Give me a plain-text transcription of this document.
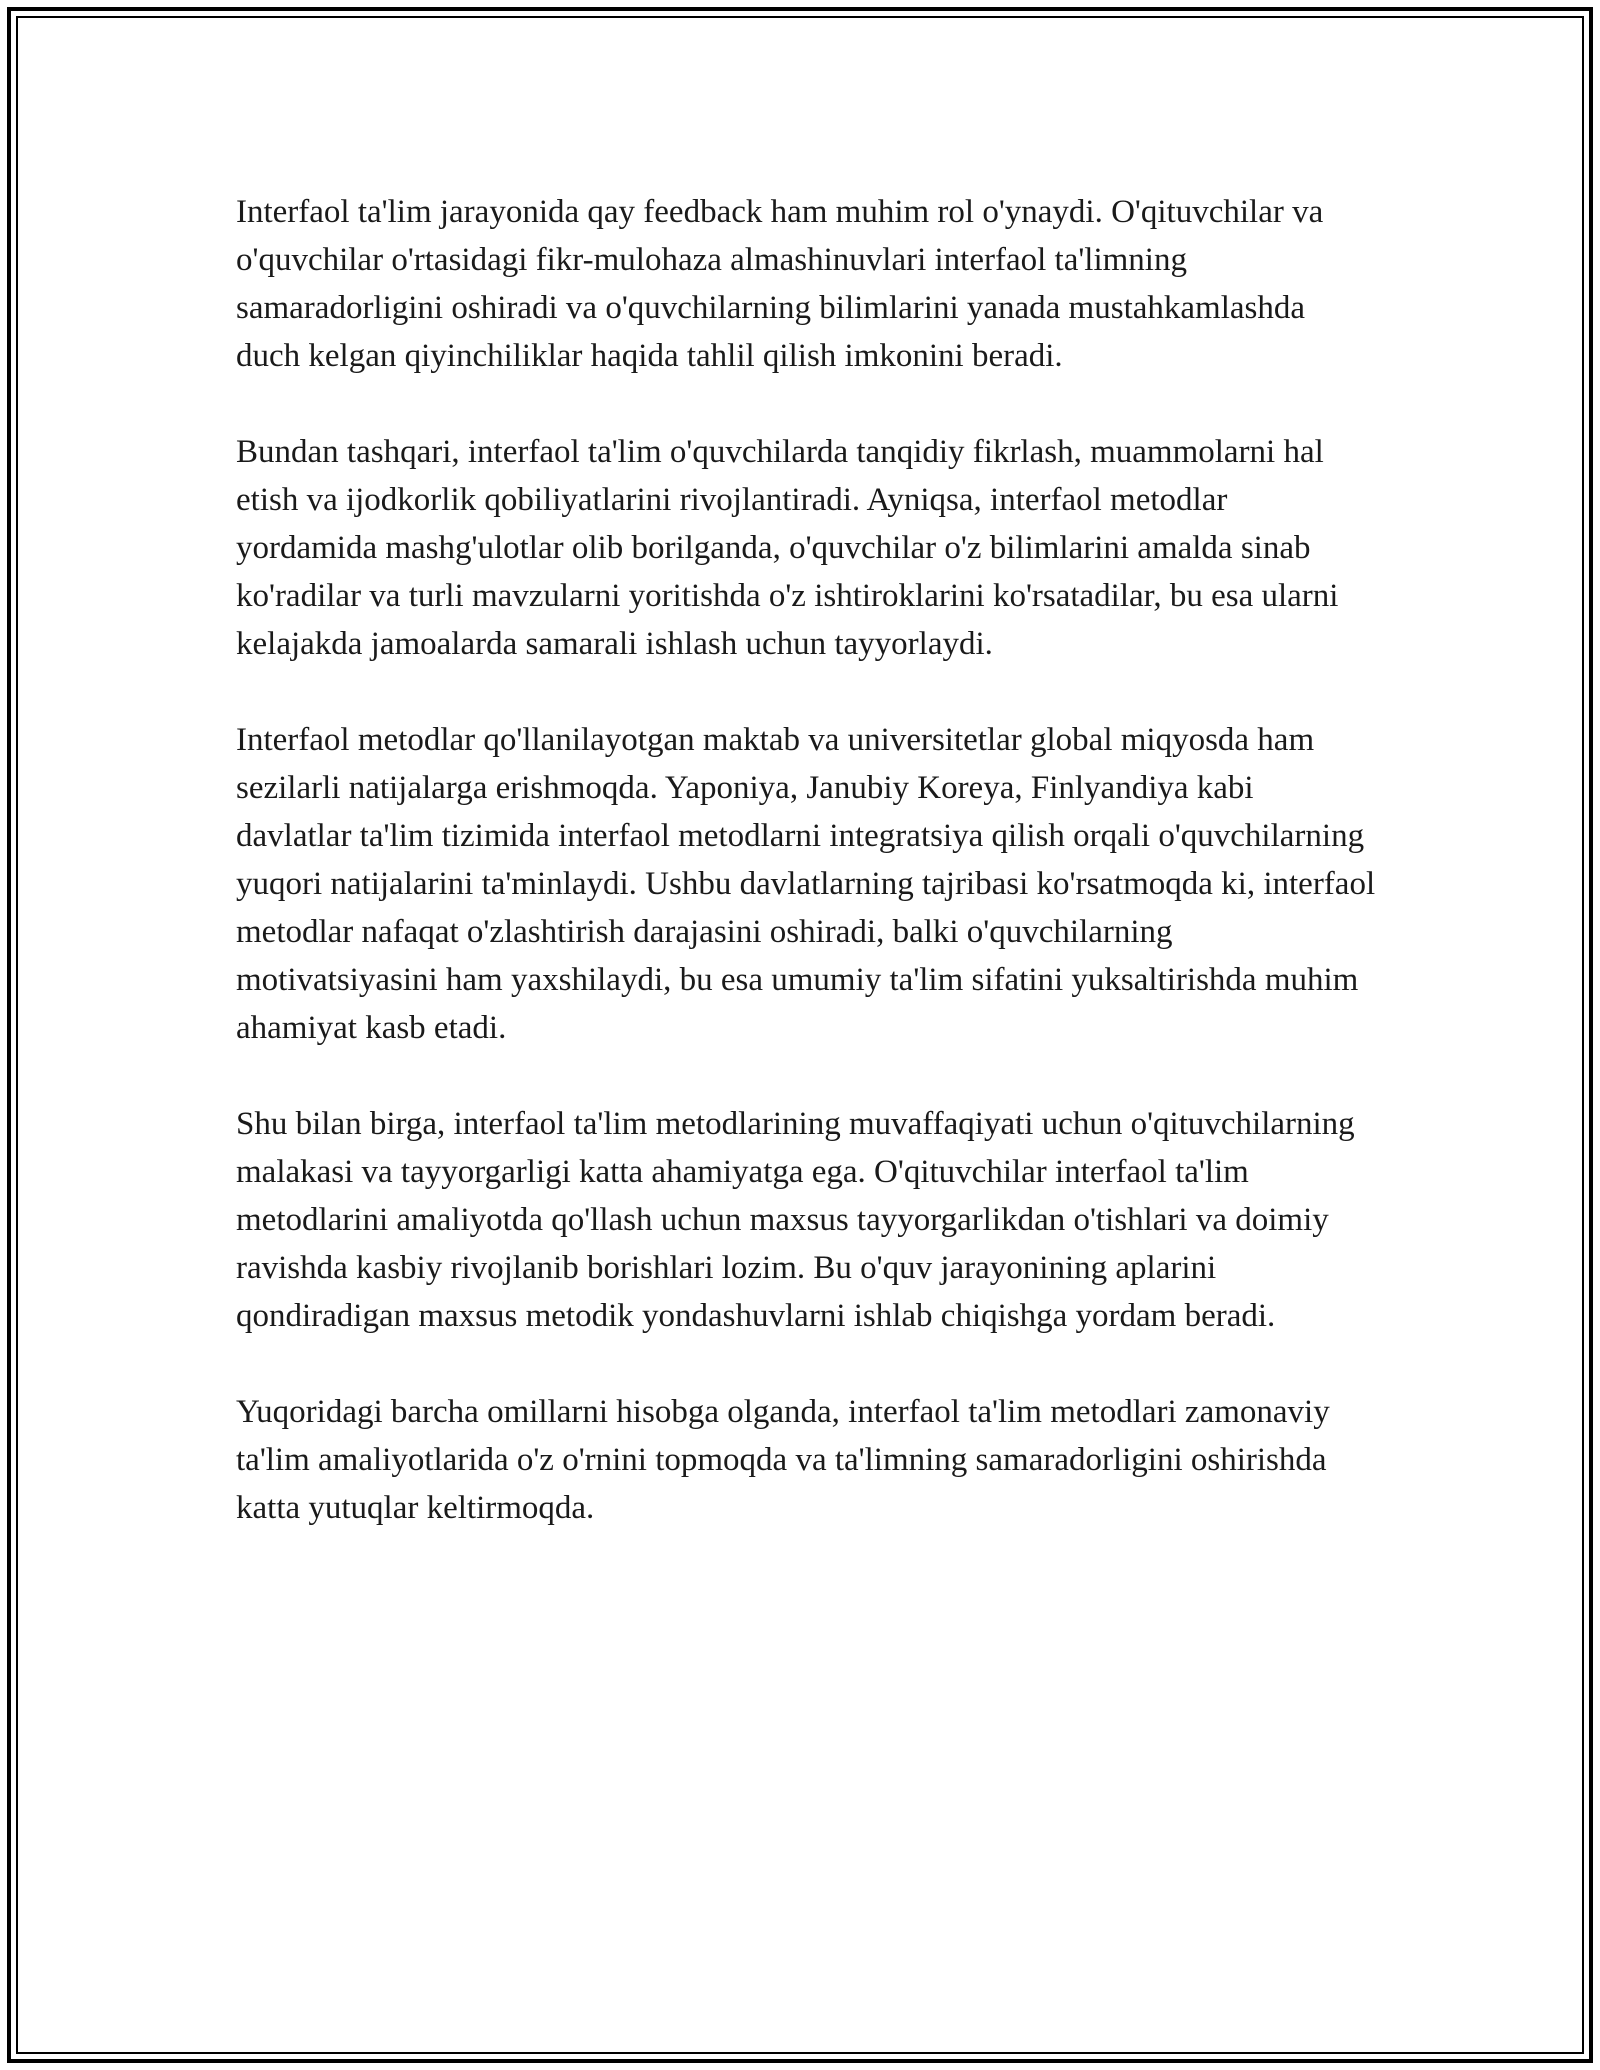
Interfaol ta'lim jarayonida qay feedback ham muhim rol o'ynaydi. O'qituvchilar va o'quvchilar o'rtasidagi fikr-mulohaza almashinuvlari interfaol ta'limning samaradorligini oshiradi va o'quvchilarning bilimlarini yanada mustahkamlashda duch kelgan qiyinchiliklar haqida tahlil qilish imkonini beradi.

Bundan tashqari, interfaol ta'lim o'quvchilarda tanqidiy fikrlash, muammolarni hal etish va ijodkorlik qobiliyatlarini rivojlantiradi. Ayniqsa, interfaol metodlar yordamida mashg'ulotlar olib borilganda, o'quvchilar o'z bilimlarini amalda sinab ko'radilar va turli mavzularni yoritishda o'z ishtiroklarini ko'rsatadilar, bu esa ularni kelajakda jamoalarda samarali ishlash uchun tayyorlaydi.

Interfaol metodlar qo'llanilayotgan maktab va universitetlar global miqyosda ham sezilarli natijalarga erishmoqda. Yaponiya, Janubiy Koreya, Finlyandiya kabi davlatlar ta'lim tizimida interfaol metodlarni integratsiya qilish orqali o'quvchilarning yuqori natijalarini ta'minlaydi. Ushbu davlatlarning tajribasi ko'rsatmoqda ki, interfaol metodlar nafaqat o'zlashtirish darajasini oshiradi, balki o'quvchilarning motivatsiyasini ham yaxshilaydi, bu esa umumiy ta'lim sifatini yuksaltirishda muhim ahamiyat kasb etadi.

Shu bilan birga, interfaol ta'lim metodlarining muvaffaqiyati uchun o'qituvchilarning malakasi va tayyorgarligi katta ahamiyatga ega. O'qituvchilar interfaol ta'lim metodlarini amaliyotda qo'llash uchun maxsus tayyorgarlikdan o'tishlari va doimiy ravishda kasbiy rivojlanib borishlari lozim. Bu o'quv jarayonining aplarini qondiradigan maxsus metodik yondashuvlarni ishlab chiqishga yordam beradi.

Yuqoridagi barcha omillarni hisobga olganda, interfaol ta'lim metodlari zamonaviy ta'lim amaliyotlarida o'z o'rnini topmoqda va ta'limning samaradorligini oshirishda katta yutuqlar keltirmoqda.
